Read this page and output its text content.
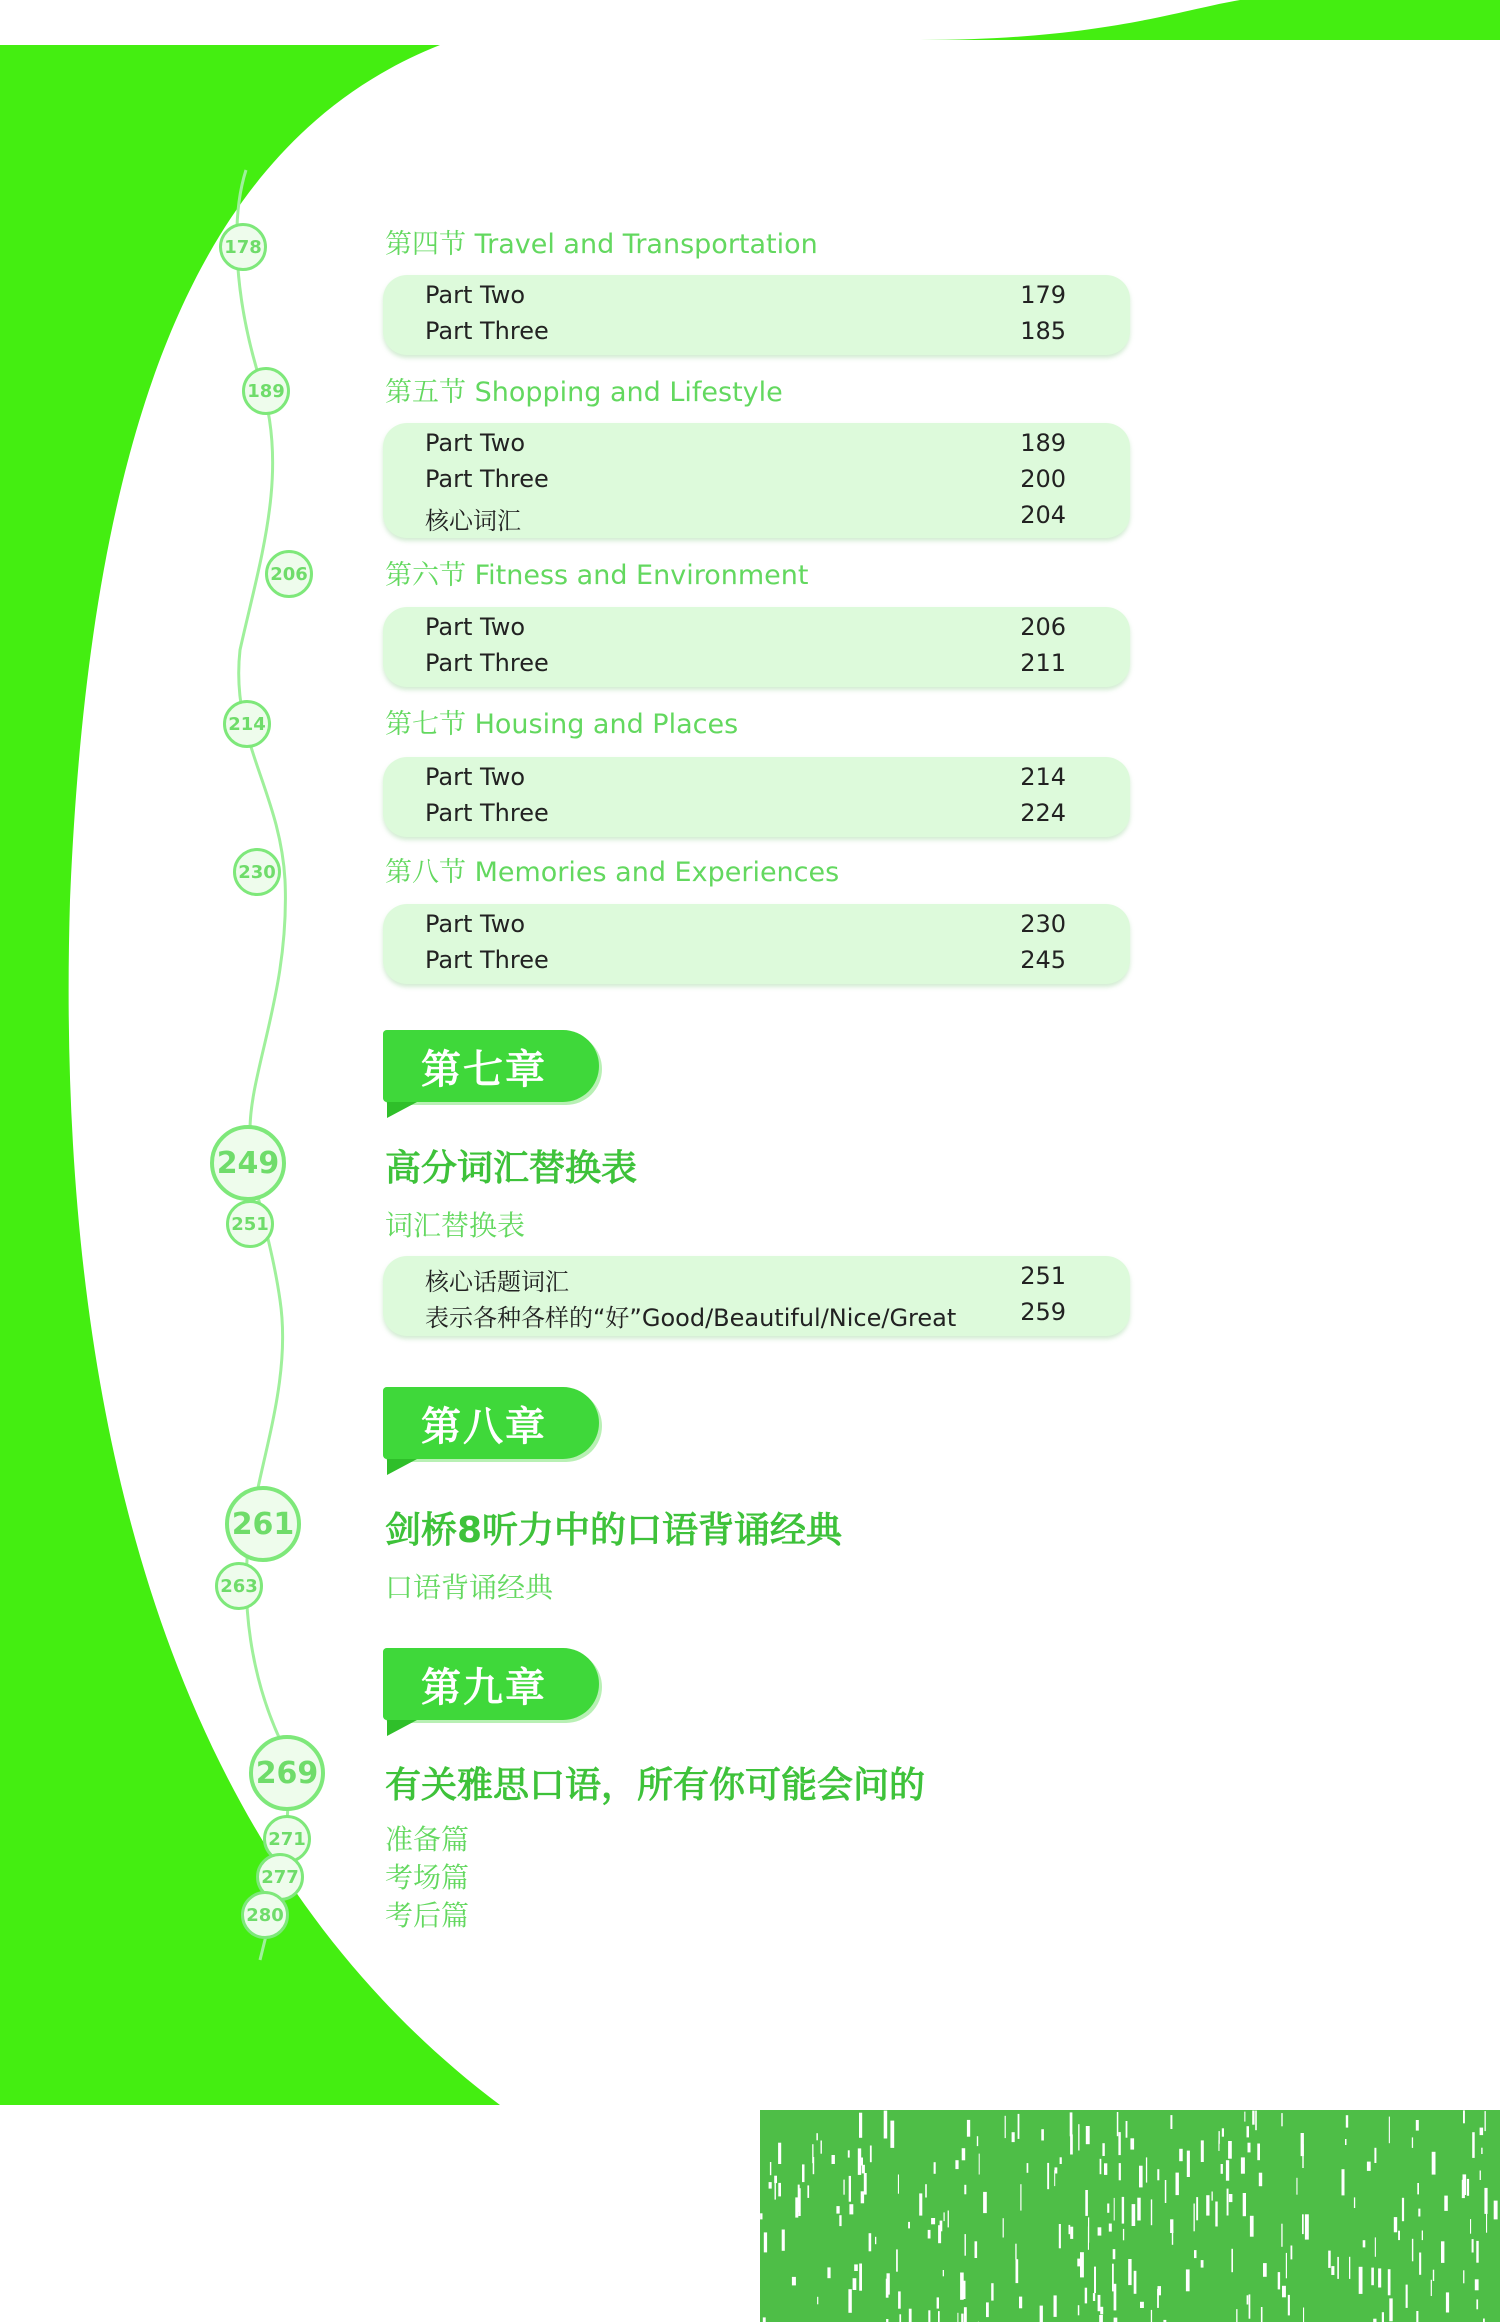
178	第四节 Travel and Transportation
Part Two	179
Part Three	185
189	第五节 Shopping and Lifestyle
Part Two	189
Part Three	200
核心词汇	204
206	第六节 Fitness and Environment
Part Two	206
Part Three	211
214	第七节 Housing and Places
Part Two	214
Part Three	224
230	第八节 Memories and Experiences
Part Two	230
Part Three	245
第七章
249	高分词汇替换表
251	词汇替换表
核心话题词汇	251
表示各种各样的“好”Good/Beautiful/Nice/Great	259
第八章
261	剑桥8听力中的口语背诵经典
263	口语背诵经典
第九章
269 有关雅思口语，所有你可能会问的
271	准备篇
277	考场篇
280	考后篇
